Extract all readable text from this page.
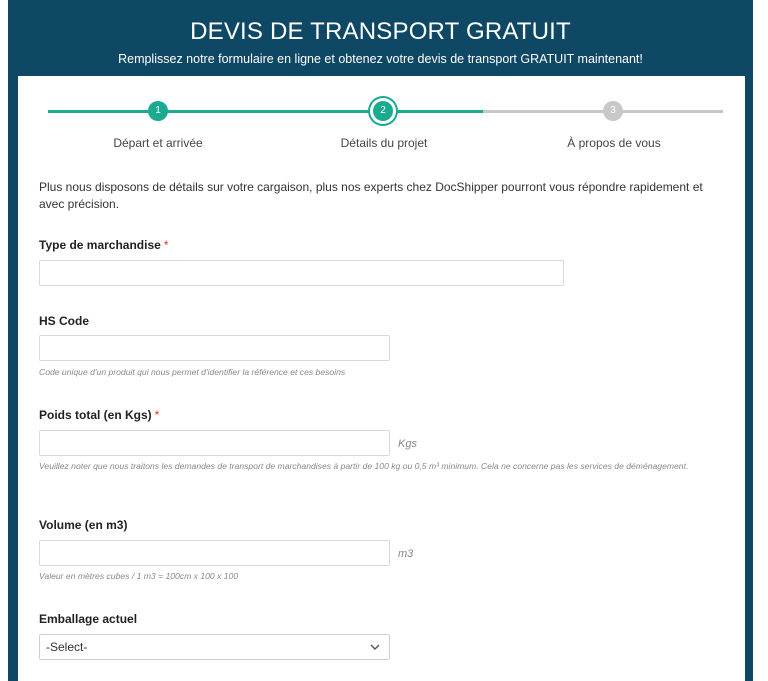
DEVIS DE TRANSPORT GRATUIT
Remplissez notre formulaire en ligne et obtenez votre devis de transport GRATUIT maintenant!
1	2	3
Départ et arrivée	Détails du projet	À propos de vous
Plus nous disposons de détails sur votre cargaison, plus nos experts chez DocShipper pourront vous répondre rapidement et avec précision.
Type de marchandise *
HS Code
Code unique d'un produit qui nous permet d'identifier la référence et ces besoins
Poids total (en Kgs) *
Kgs
Veuillez noter que nous traitons les demandes de transport de marchandises à partir de 100 kg ou 0,5 m³ minimum. Cela ne concerne pas les services de déménagement.
Volume (en m3)
m3
Valeur en mètres cubes / 1 m3 = 100cm x 100 x 100
Emballage actuel
-Select-
